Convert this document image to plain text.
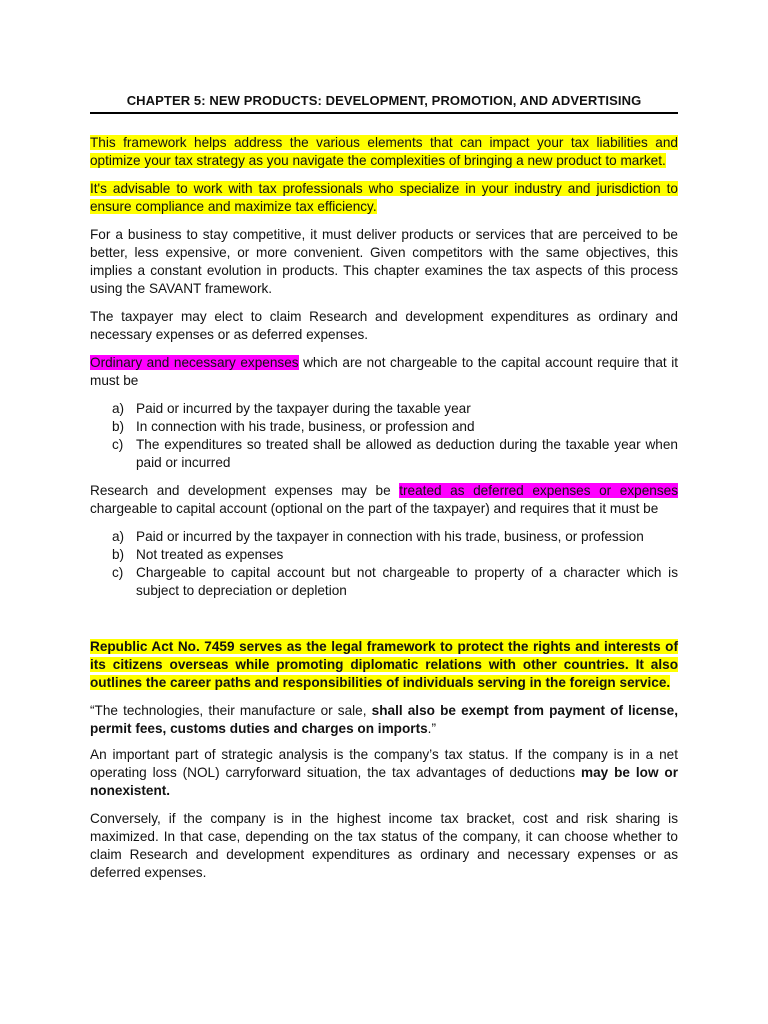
CHAPTER 5: NEW PRODUCTS: DEVELOPMENT, PROMOTION, AND ADVERTISING

This framework helps address the various elements that can impact your tax liabilities and optimize your tax strategy as you navigate the complexities of bringing a new product to market.

It's advisable to work with tax professionals who specialize in your industry and jurisdiction to ensure compliance and maximize tax efficiency.

For a business to stay competitive, it must deliver products or services that are perceived to be better, less expensive, or more convenient. Given competitors with the same objectives, this implies a constant evolution in products. This chapter examines the tax aspects of this process using the SAVANT framework.

The taxpayer may elect to claim Research and development expenditures as ordinary and necessary expenses or as deferred expenses.

Ordinary and necessary expenses which are not chargeable to the capital account require that it must be

a) Paid or incurred by the taxpayer during the taxable year
b) In connection with his trade, business, or profession and
c) The expenditures so treated shall be allowed as deduction during the taxable year when paid or incurred

Research and development expenses may be treated as deferred expenses or expenses chargeable to capital account (optional on the part of the taxpayer) and requires that it must be

a) Paid or incurred by the taxpayer in connection with his trade, business, or profession
b) Not treated as expenses
c) Chargeable to capital account but not chargeable to property of a character which is subject to depreciation or depletion

Republic Act No. 7459 serves as the legal framework to protect the rights and interests of its citizens overseas while promoting diplomatic relations with other countries. It also outlines the career paths and responsibilities of individuals serving in the foreign service.

“The technologies, their manufacture or sale, shall also be exempt from payment of license, permit fees, customs duties and charges on imports.”

An important part of strategic analysis is the company’s tax status. If the company is in a net operating loss (NOL) carryforward situation, the tax advantages of deductions may be low or nonexistent.

Conversely, if the company is in the highest income tax bracket, cost and risk sharing is maximized. In that case, depending on the tax status of the company, it can choose whether to claim Research and development expenditures as ordinary and necessary expenses or as deferred expenses.
